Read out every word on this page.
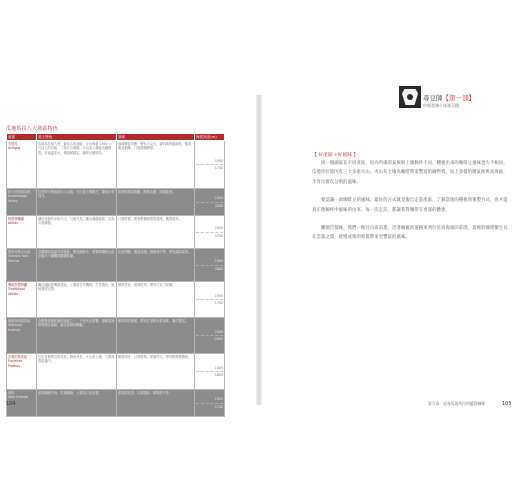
瓜地馬拉八大產區特色
產區	風土特色	風味	海拔高度(m)
安提瓜
Antigua	瓜地馬拉最古老、最知名的產區，位於海拔 1500 公尺以上的谷地，三座火山環繞，火山灰土壤富含礦物質，日夜溫差大，微氣候穩定，咖啡豆硬度高。	風味豐富均衡，帶有巧克力、香料與柑橘調性，酸質明亮細緻，口感滑順醇厚。	1500
1700

阿卡特南果谷地
Acatenango Valley	位於阿卡特南果火山山坡，火山灰土壤肥沃，降雨分布均勻。	花香與果香明顯，酸質活潑，尾韻乾淨。	1300
2000

阿提特蘭湖
Atitlán	湖泊周邊有多座火山，日照充足，湖水調節氣候，多為小農種植。	口感厚實，帶有柑橘與堅果風味，酸質清亮。	1500
1700

聖馬可斯火山區
Volcanic San Marcos	全國降雨量最多的產區，開花期較早，需要將咖啡豆放在陽光下曝曬或機器乾燥。	花香明顯，酸質活潑，醇厚度中等，帶有溫和果香。	1300
1800

傳統阿提特蘭
Traditional Atitlán	鄰近湖區的傳統產區，土壤富含有機質，生長期長，風味發展完整。	醇厚度佳，風味乾淨，帶有巧克力尾韻。	1500
1700

薇薇特南果高地
Highland Huehue	全國最高最乾燥的產區之一，不受火山影響，溫暖氣流帶來穩定氣候，適合高海拔種植。	酸質明亮飽滿，帶有紅酒與水果風味，層次豐富。	1500
2000

法漢尼斯高原
Fraijanes Plateau	位於首都附近的高原，降雨充足，火山灰土壤，日照與霧氣適中。	酸質明亮，口感醇厚，尾韻持久，帶有輕微煙燻感。	1400
1800

柯班
New Oriente	氣候潮濕多雨，雲霧繚繞，土壤為石灰岩質。	果香與花香，口感溫和，醇厚度中等。	1300
1700
104
尋豆師【第一部】
中南美洲十年尋豆路
【 好產區＋好風味 】

同一個國家在不同產區，因為所處的氣候與土壤條件不同，種植出來的咖啡豆風味也大不相同。瓜地馬拉境內有三十多座火山，火山灰土壤為咖啡帶來豐富的礦物質，加上多樣的微氣候與高海拔，孕育出層次分明的風味。

要認識一款咖啡豆的風味，最好的方式就是親自走進產區，了解當地的種植與後製方式，也才能真正理解杯中風味的由來。每一次走訪，都讓我對咖啡有更深的體會。

離開首都後，我們一路往山區前進，沿著蜿蜒的道路來到位於高海拔的莊園，這裡的咖啡樹生長在雲霧之間，緩慢成熟的果實帶來更豐富的風味。

第九章　追尋瓜地馬拉的優質咖啡	105
